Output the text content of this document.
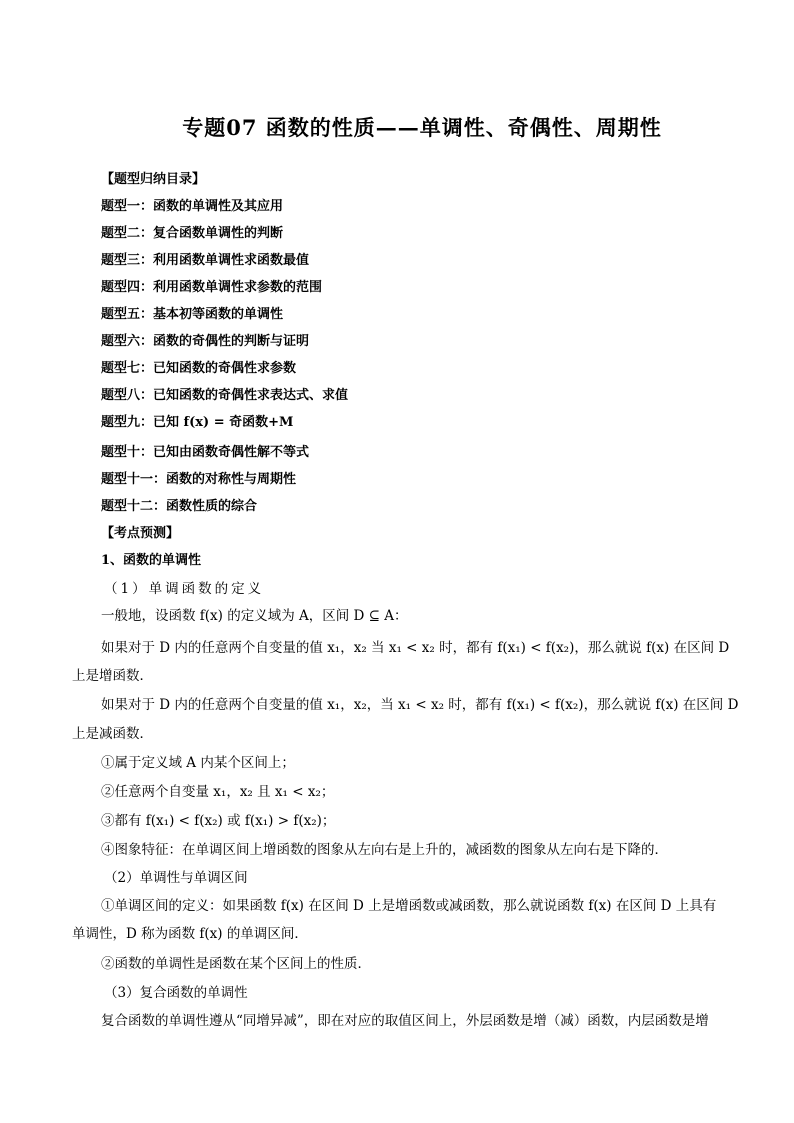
专题07 函数的性质——单调性、奇偶性、周期性
【题型归纳目录】
题型一：函数的单调性及其应用
题型二：复合函数单调性的判断
题型三：利用函数单调性求函数最值
题型四：利用函数单调性求参数的范围
题型五：基本初等函数的单调性
题型六：函数的奇偶性的判断与证明
题型七：已知函数的奇偶性求参数
题型八：已知函数的奇偶性求表达式、求值
题型九：已知 f(x) = 奇函数+M
题型十：已知由函数奇偶性解不等式
题型十一：函数的对称性与周期性
题型十二：函数性质的综合
【考点预测】
1、函数的单调性
（1）单调函数的定义
一般地，设函数 f(x) 的定义域为 A，区间 D ⊆ A：
如果对于 D 内的任意两个自变量的值 x₁，x₂ 当 x₁ < x₂ 时，都有 f(x₁) < f(x₂)，那么就说 f(x) 在区间 D
上是增函数．
如果对于 D 内的任意两个自变量的值 x₁，x₂，当 x₁ < x₂ 时，都有 f(x₁) < f(x₂)，那么就说 f(x) 在区间 D
上是减函数．
①属于定义域 A 内某个区间上；
②任意两个自变量 x₁，x₂ 且 x₁ < x₂；
③都有 f(x₁) < f(x₂) 或 f(x₁) > f(x₂)；
④图象特征：在单调区间上增函数的图象从左向右是上升的，减函数的图象从左向右是下降的．
（2）单调性与单调区间
①单调区间的定义：如果函数 f(x) 在区间 D 上是增函数或减函数，那么就说函数 f(x) 在区间 D 上具有
单调性，D 称为函数 f(x) 的单调区间．
②函数的单调性是函数在某个区间上的性质．
（3）复合函数的单调性
复合函数的单调性遵从“同增异减”，即在对应的取值区间上，外层函数是增（减）函数，内层函数是增
